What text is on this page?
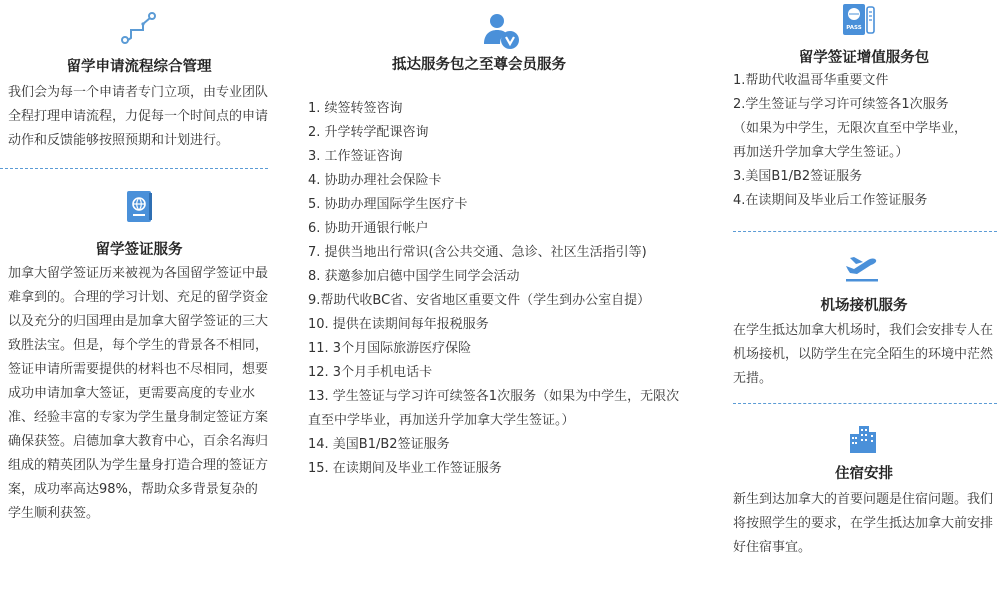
留学申请流程综合管理

我们会为每一个申请者专门立项，由专业团队全程打理申请流程，力促每一个时间点的申请动作和反馈能够按照预期和计划进行。

留学签证服务

加拿大留学签证历来被视为各国留学签证中最难拿到的。合理的学习计划、充足的留学资金以及充分的归国理由是加拿大留学签证的三大致胜法宝。但是，每个学生的背景各不相同，签证申请所需要提供的材料也不尽相同，想要成功申请加拿大签证，更需要高度的专业水准、经验丰富的专家为学生量身制定签证方案确保获签。启德加拿大教育中心，百余名海归组成的精英团队为学生量身打造合理的签证方案，成功率高达98%，帮助众多背景复杂的学生顺利获签。

抵达服务包之至尊会员服务
1. 续签转签咨询
2. 升学转学配课咨询
3. 工作签证咨询
4. 协助办理社会保险卡
5. 协助办理国际学生医疗卡
6. 协助开通银行帐户
7. 提供当地出行常识(含公共交通、急诊、社区生活指引等)
8. 获邀参加启德中国学生同学会活动
9.帮助代收BC省、安省地区重要文件（学生到办公室自提）
10. 提供在读期间每年报税服务
11. 3个月国际旅游医疗保险
12. 3个月手机电话卡
13. 学生签证与学习许可续签各1次服务（如果为中学生，无限次直至中学毕业，再加送升学加拿大学生签证。）
14. 美国B1/B2签证服务
15. 在读期间及毕业工作签证服务
PASS
留学签证增值服务包
1.帮助代收温哥华重要文件
2.学生签证与学习许可续签各1次服务
（如果为中学生，无限次直至中学毕业，
再加送升学加拿大学生签证。）
3.美国B1/B2签证服务
4.在读期间及毕业后工作签证服务
机场接机服务

在学生抵达加拿大机场时，我们会安排专人在机场接机，以防学生在完全陌生的环境中茫然无措。

住宿安排

新生到达加拿大的首要问题是住宿问题。我们将按照学生的要求，在学生抵达加拿大前安排好住宿事宜。
